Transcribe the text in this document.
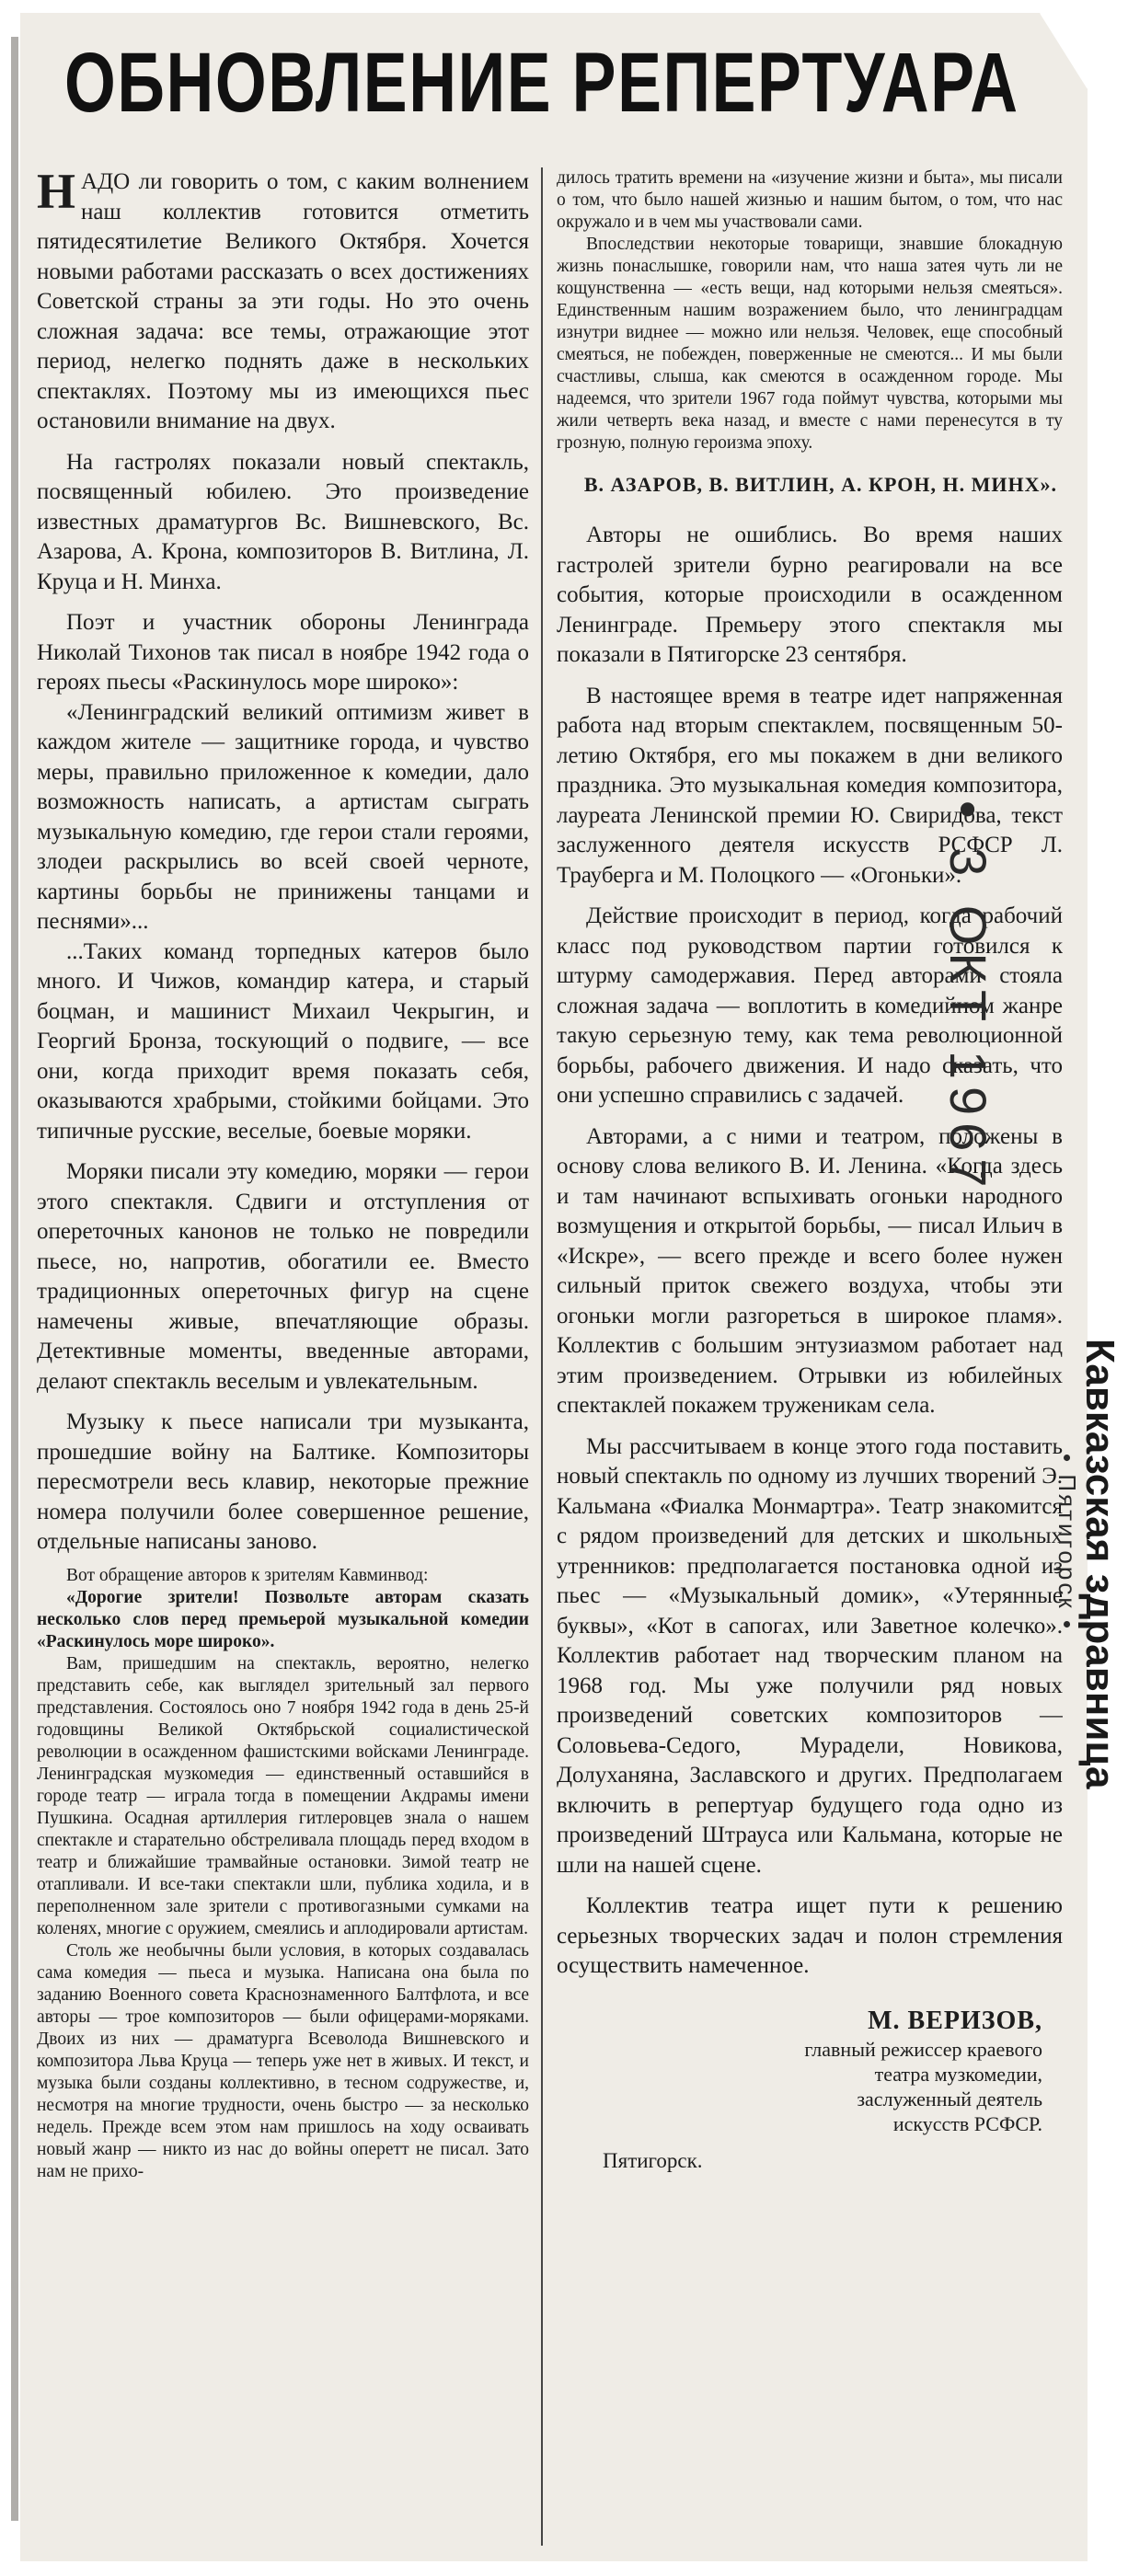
ОБНОВЛЕНИЕ РЕПЕРТУАРА

НАДО ли говорить о том, с каким волнением наш коллектив готовится отметить пятидесятилетие Великого Октября. Хочется новыми работами рассказать о всех достижениях Советской страны за эти годы. Но это очень сложная задача: все темы, отражающие этот период, нелегко поднять даже в нескольких спектаклях. Поэтому мы из имеющихся пьес остановили внимание на двух.

На гастролях показали новый спектакль, посвященный юбилею. Это произведение известных драматургов Вс. Вишневского, Вс. Азарова, А. Крона, композиторов В. Витлина, Л. Круца и Н. Минха.

Поэт и участник обороны Ленинграда Николай Тихонов так писал в ноябре 1942 года о героях пьесы «Раскинулось море широко»:

«Ленинградский великий оптимизм живет в каждом жителе — защитнике города, и чувство меры, правильно приложенное к комедии, дало возможность написать, а артистам сыграть музыкальную комедию, где герои стали героями, злодеи раскрылись во всей своей черноте, картины борьбы не принижены танцами и песнями»...

...Таких команд торпедных катеров было много. И Чижов, командир катера, и старый боцман, и машинист Михаил Чекрыгин, и Георгий Бронза, тоскующий о подвиге, — все они, когда приходит время показать себя, оказываются храбрыми, стойкими бойцами. Это типичные русские, веселые, боевые моряки.

Моряки писали эту комедию, моряки — герои этого спектакля. Сдвиги и отступления от опереточных канонов не только не повредили пьесе, но, напротив, обогатили ее. Вместо традиционных опереточных фигур на сцене намечены живые, впечатляющие образы. Детективные моменты, введенные авторами, делают спектакль веселым и увлекательным.

Музыку к пьесе написали три музыканта, прошедшие войну на Балтике. Композиторы пересмотрели весь клавир, некоторые прежние номера получили более совершенное решение, отдельные написаны заново.

Вот обращение авторов к зрителям Кавминвод:

«Дорогие зрители! Позвольте авторам сказать несколько слов перед премьерой музыкальной комедии «Раскинулось море широко».

Вам, пришедшим на спектакль, вероятно, нелегко представить себе, как выглядел зрительный зал первого представления. Состоялось оно 7 ноября 1942 года в день 25-й годовщины Великой Октябрьской социалистической революции в осажденном фашистскими войсками Ленинграде. Ленинградская музкомедия — единственный оставшийся в городе театр — играла тогда в помещении Акдрамы имени Пушкина. Осадная артиллерия гитлеровцев знала о нашем спектакле и старательно обстреливала площадь перед входом в театр и ближайшие трамвайные остановки. Зимой театр не отапливали. И все-таки спектакли шли, публика ходила, и в переполненном зале зрители с противогазными сумками на коленях, многие с оружием, смеялись и аплодировали артистам.

Столь же необычны были условия, в которых создавалась сама комедия — пьеса и музыка. Написана она была по заданию Военного совета Краснознаменного Балтфлота, и все авторы — трое композиторов — были офицерами-моряками. Двоих из них — драматурга Всеволода Вишневского и композитора Льва Круца — теперь уже нет в живых. И текст, и музыка были созданы коллективно, в тесном содружестве, и, несмотря на многие трудности, очень быстро — за несколько недель. Прежде всем этом нам пришлось на ходу осваивать новый жанр — никто из нас до войны оперетт не писал. Зато нам не прихо-

дилось тратить времени на «изучение жизни и быта», мы писали о том, что было нашей жизнью и нашим бытом, о том, что нас окружало и в чем мы участвовали сами.

Впоследствии некоторые товарищи, знавшие блокадную жизнь понаслышке, говорили нам, что наша затея чуть ли не кощунственна — «есть вещи, над которыми нельзя смеяться». Единственным нашим возражением было, что ленинградцам изнутри виднее — можно или нельзя. Человек, еще способный смеяться, не побежден, поверженные не смеются... И мы были счастливы, слыша, как смеются в осажденном городе. Мы надеемся, что зрители 1967 года поймут чувства, которыми мы жили четверть века назад, и вместе с нами перенесутся в ту грозную, полную героизма эпоху.

В. АЗАРОВ, В. ВИТЛИН, А. КРОН, Н. МИНХ».

Авторы не ошиблись. Во время наших гастролей зрители бурно реагировали на все события, которые происходили в осажденном Ленинграде. Премьеру этого спектакля мы показали в Пятигорске 23 сентября.

В настоящее время в театре идет напряженная работа над вторым спектаклем, посвященным 50-летию Октября, его мы покажем в дни великого праздника. Это музыкальная комедия композитора, лауреата Ленинской премии Ю. Свиридова, текст заслуженного деятеля искусств РСФСР Л. Трауберга и М. Полоцкого — «Огоньки».

Действие происходит в период, когда рабочий класс под руководством партии готовился к штурму самодержавия. Перед авторами стояла сложная задача — воплотить в комедийном жанре такую серьезную тему, как тема революционной борьбы, рабочего движения. И надо сказать, что они успешно справились с задачей.

Авторами, а с ними и театром, положены в основу слова великого В. И. Ленина. «Когда здесь и там начинают вспыхивать огоньки народного возмущения и открытой борьбы, — писал Ильич в «Искре», — всего прежде и всего более нужен сильный приток свежего воздуха, чтобы эти огоньки могли разгореться в широкое пламя». Коллектив с большим энтузиазмом работает над этим произведением. Отрывки из юбилейных спектаклей покажем труженикам села.

Мы рассчитываем в конце этого года поставить новый спектакль по одному из лучших творений Э. Кальмана «Фиалка Монмартра». Театр знакомится с рядом произведений для детских и школьных утренников: предполагается постановка одной из пьес — «Музыкальный домик», «Утерянные буквы», «Кот в сапогах, или Заветное колечко». Коллектив работает над творческим планом на 1968 год. Мы уже получили ряд новых произведений советских композиторов — Соловьева-Седого, Мурадели, Новикова, Долуханяна, Заславского и других. Предполагаем включить в репертуар будущего года одно из произведений Штрауса или Кальмана, которые не шли на нашей сцене.

Коллектив театра ищет пути к решению серьезных творческих задач и полон стремления осуществить намеченное.

М. ВЕРИЗОВ,
главный режиссер краевого
театра музкомедии,
заслуженный деятель
искусств РСФСР.
Пятигорск.
• 3 ОКТ 1967
Кавказская здравница
• Пятигорск •
